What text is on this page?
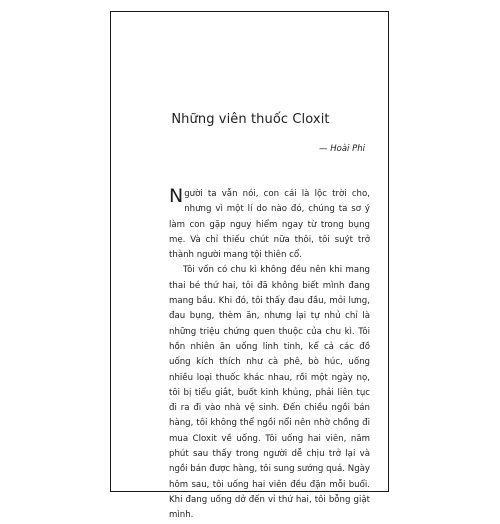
Những viên thuốc Cloxit
— Hoài Phi

Người ta vẫn nói, con cái là lộc trời cho, nhưng vì một lí do nào đó, chúng ta sơ ý làm con gặp nguy hiểm ngay từ trong bụng mẹ. Và chỉ thiếu chút nữa thôi, tôi suýt trở thành người mang tội thiên cổ.

Tôi vốn có chu kì không đều nên khi mang thai bé thứ hai, tôi đã không biết mình đang mang bầu. Khi đó, tôi thấy đau đầu, mỏi lưng, đau bụng, thèm ăn, nhưng lại tự nhủ chỉ là những triệu chứng quen thuộc của chu kì. Tôi hồn nhiên ăn uống linh tinh, kể cả các đồ uống kích thích như cà phê, bò húc, uống nhiều loại thuốc khác nhau, rồi một ngày nọ, tôi bị tiểu giắt, buốt kinh khủng, phải liên tục đi ra đi vào nhà vệ sinh. Đến chiều ngồi bán hàng, tôi không thể ngồi nổi nên nhờ chồng đi mua Cloxit về uống. Tôi uống hai viên, năm phút sau thấy trong người dễ chịu trở lại và ngồi bán được hàng, tôi sung sướng quá. Ngày hôm sau, tôi uống hai viên đều đặn mỗi buổi. Khi đang uống dở đến vỉ thứ hai, tôi bỗng giật mình.
